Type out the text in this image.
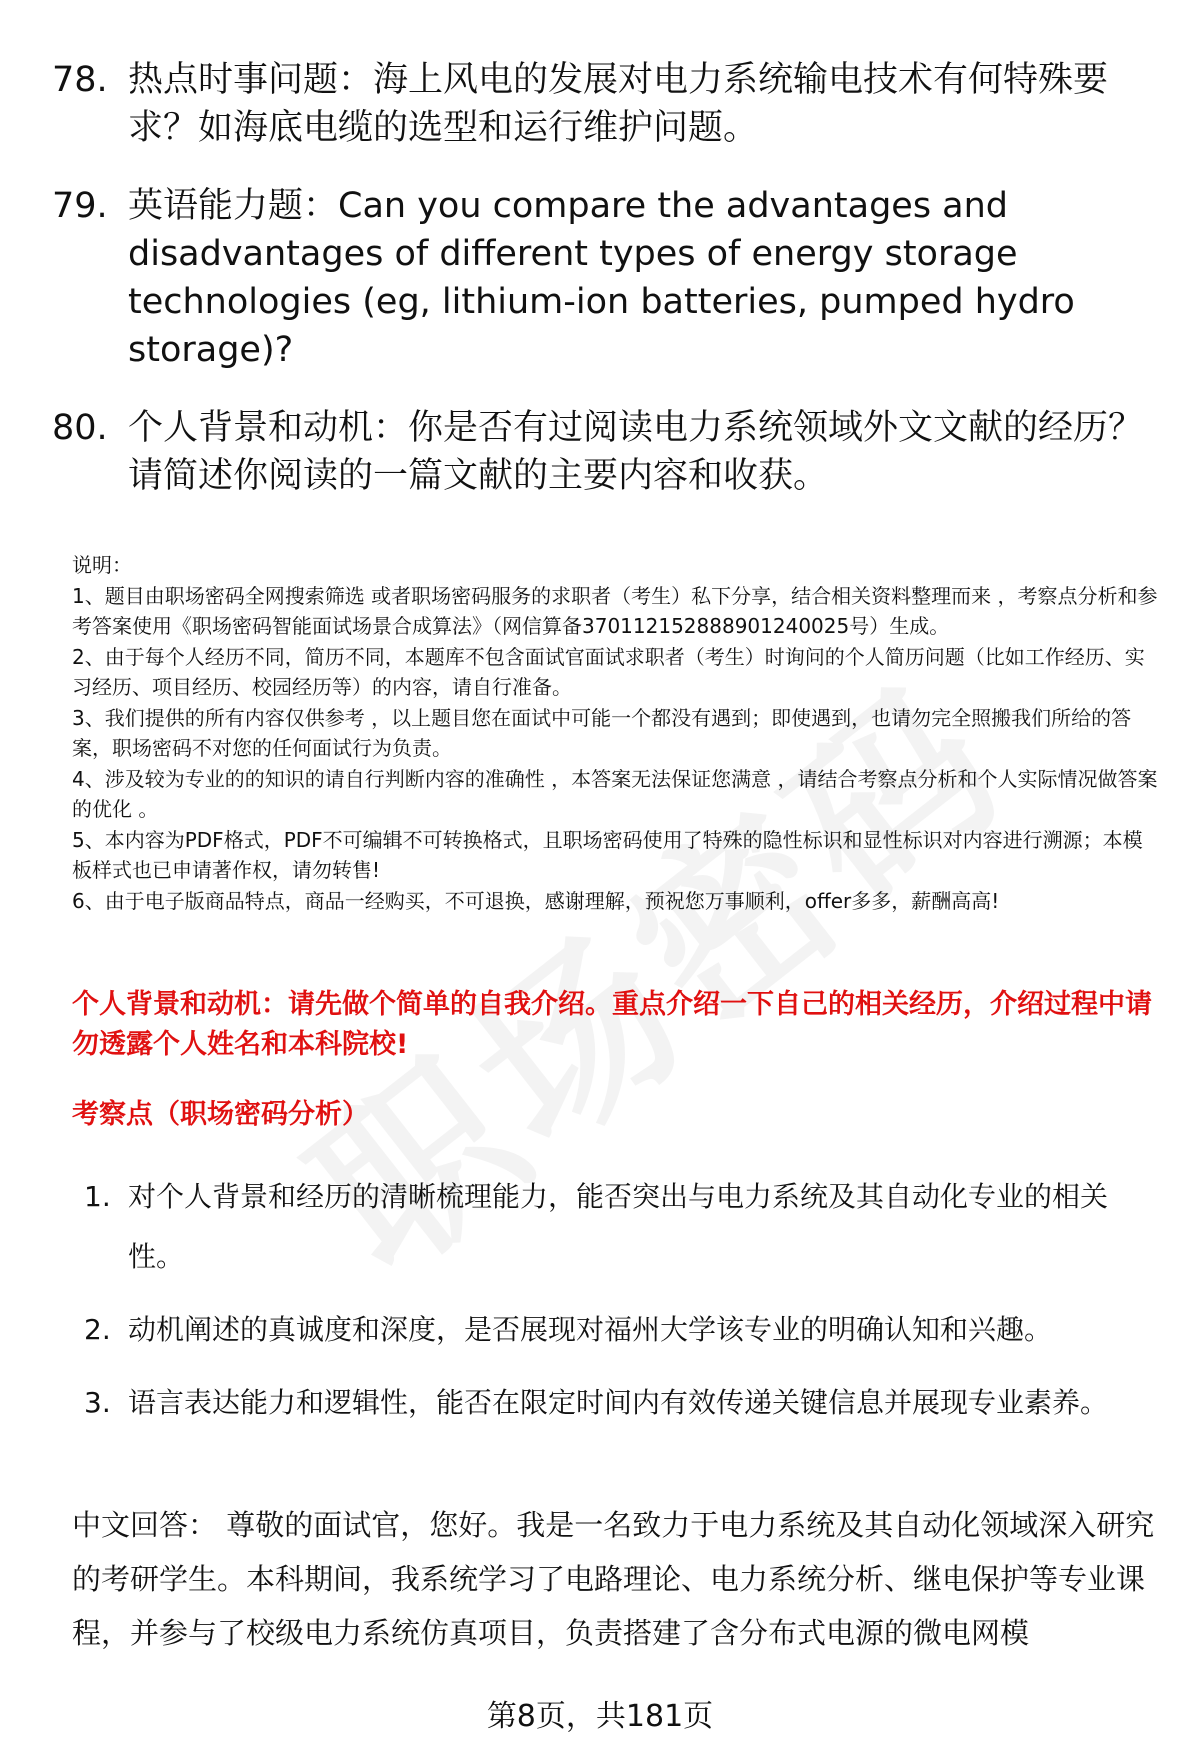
78. 热点时事问题：海上风电的发展对电力系统输电技术有何特殊要求？如海底电缆的选型和运行维护问题。
79. 英语能力题：Can you compare the advantages and disadvantages of different types of energy storage technologies (eg, lithium-ion batteries, pumped hydro storage)?
80. 个人背景和动机：你是否有过阅读电力系统领域外文文献的经历？请简述你阅读的一篇文献的主要内容和收获。

说明：

1、题目由职场密码全网搜索筛选 或者职场密码服务的求职者（考生）私下分享，结合相关资料整理而来 ，考察点分析和参考答案使用《职场密码智能面试场景合成算法》（网信算备370112152888901240025号）生成。

2、由于每个人经历不同，简历不同，本题库不包含面试官面试求职者（考生）时询问的个人简历问题（比如工作经历、实习经历、项目经历、校园经历等）的内容，请自行准备。

3、我们提供的所有内容仅供参考 ，以上题目您在面试中可能一个都没有遇到；即使遇到，也请勿完全照搬我们所给的答案，职场密码不对您的任何面试行为负责。

4、涉及较为专业的的知识的请自行判断内容的准确性 ，本答案无法保证您满意 ，请结合考察点分析和个人实际情况做答案的优化 。

5、本内容为PDF格式，PDF不可编辑不可转换格式，且职场密码使用了特殊的隐性标识和显性标识对内容进行溯源；本模板样式也已申请著作权，请勿转售!

6、由于电子版商品特点，商品一经购买，不可退换，感谢理解，预祝您万事顺利，offer多多，薪酬高高!

个人背景和动机：请先做个简单的自我介绍。重点介绍一下自己的相关经历，介绍过程中请勿透露个人姓名和本科院校!
考察点（职场密码分析）
1. 对个人背景和经历的清晰梳理能力，能否突出与电力系统及其自动化专业的相关性。
2. 动机阐述的真诚度和深度，是否展现对福州大学该专业的明确认知和兴趣。
3. 语言表达能力和逻辑性，能否在限定时间内有效传递关键信息并展现专业素养。
中文回答： 尊敬的面试官，您好。我是一名致力于电力系统及其自动化领域深入研究的考研学生。本科期间，我系统学习了电路理论、电力系统分析、继电保护等专业课程，并参与了校级电力系统仿真项目，负责搭建了含分布式电源的微电网模
第8页，共181页
